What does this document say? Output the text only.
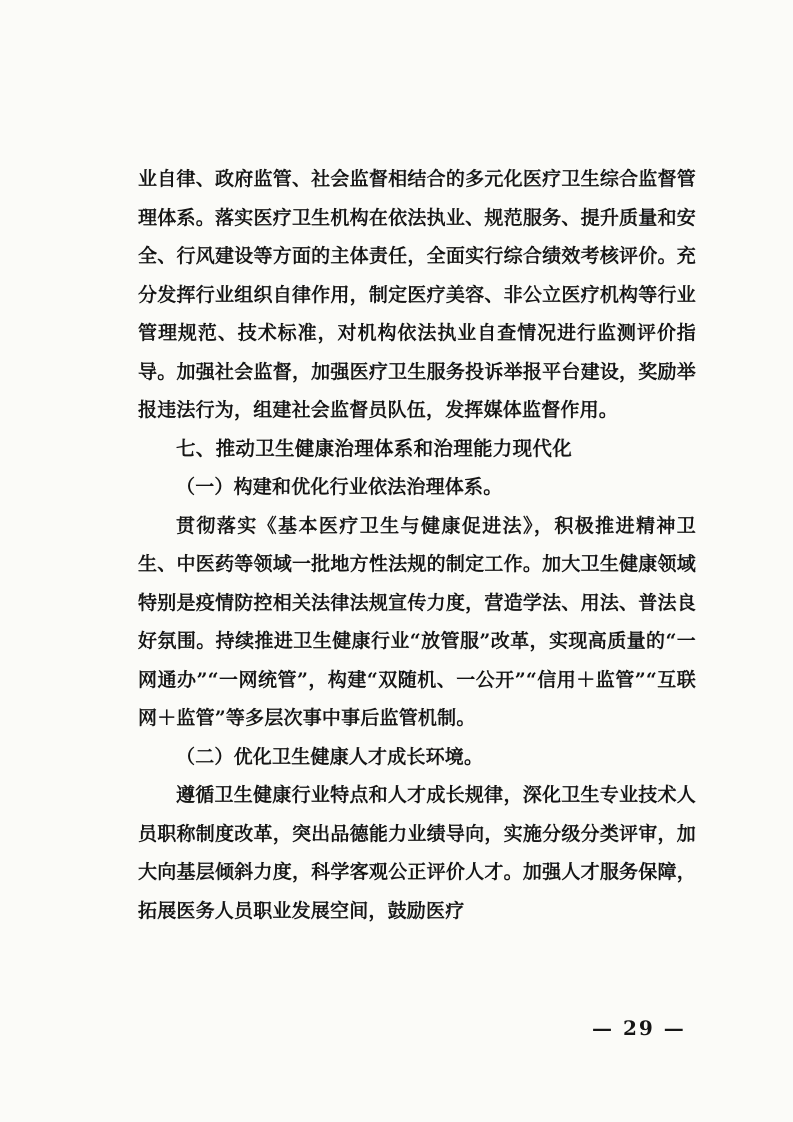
业自律、政府监管、社会监督相结合的多元化医疗卫生综合监督管理体系。落实医疗卫生机构在依法执业、规范服务、提升质量和安全、行风建设等方面的主体责任，全面实行综合绩效考核评价。充分发挥行业组织自律作用，制定医疗美容、非公立医疗机构等行业管理规范、技术标准，对机构依法执业自查情况进行监测评价指导。加强社会监督，加强医疗卫生服务投诉举报平台建设，奖励举报违法行为，组建社会监督员队伍，发挥媒体监督作用。

七、推动卫生健康治理体系和治理能力现代化

（一）构建和优化行业依法治理体系。

贯彻落实《基本医疗卫生与健康促进法》，积极推进精神卫生、中医药等领域一批地方性法规的制定工作。加大卫生健康领域特别是疫情防控相关法律法规宣传力度，营造学法、用法、普法良好氛围。持续推进卫生健康行业“放管服”改革，实现高质量的“一网通办”“一网统管”，构建“双随机、一公开”“信用＋监管”“互联网＋监管”等多层次事中事后监管机制。

（二）优化卫生健康人才成长环境。

遵循卫生健康行业特点和人才成长规律，深化卫生专业技术人员职称制度改革，突出品德能力业绩导向，实施分级分类评审，加大向基层倾斜力度，科学客观公正评价人才。加强人才服务保障，拓展医务人员职业发展空间，鼓励医疗

— 29 —
